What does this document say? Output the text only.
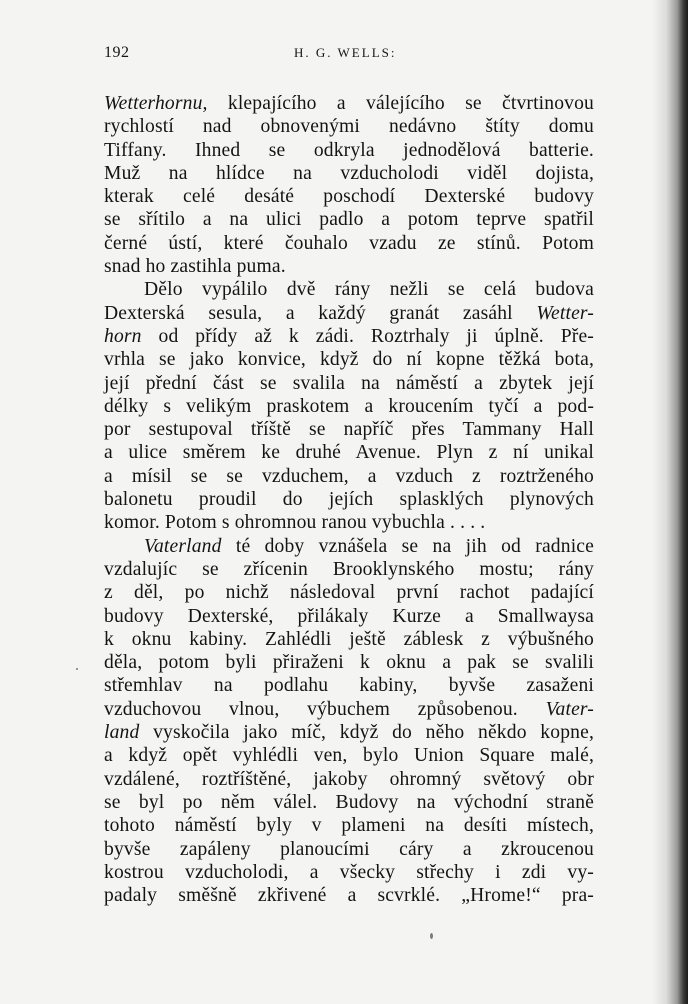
192	H. G. WELLS:
Wetterhornu, klepajícího a válejícího se čtvrtinovou
rychlostí nad obnovenými nedávno štíty domu
Tiffany. Ihned se odkryla jednodělová batterie.
Muž na hlídce na vzducholodi viděl dojista,
kterak celé desáté poschodí Dexterské budovy
se sřítilo a na ulici padlo a potom teprve spatřil
černé ústí, které čouhalo vzadu ze stínů. Potom
snad ho zastihla puma.
Dělo vypálilo dvě rány nežli se celá budova
Dexterská sesula, a každý granát zasáhl Wetter-
horn od přídy až k zádi. Roztrhaly ji úplně. Pře-
vrhla se jako konvice, když do ní kopne těžká bota,
její přední část se svalila na náměstí a zbytek její
délky s velikým praskotem a kroucením tyčí a pod-
por sestupoval tříště se napříč přes Tammany Hall
a ulice směrem ke druhé Avenue. Plyn z ní unikal
a mísil se se vzduchem, a vzduch z roztrženého
balonetu proudil do jejích splasklých plynových
komor. Potom s ohromnou ranou vybuchla . . . .
Vaterland té doby vznášela se na jih od radnice
vzdalujíc se zřícenin Brooklynského mostu; rány
z děl, po nichž následoval první rachot padající
budovy Dexterské, přilákaly Kurze a Smallwaysa
k oknu kabiny. Zahlédli ještě záblesk z výbušného
děla, potom byli přiraženi k oknu a pak se svalili
střemhlav na podlahu kabiny, byvše zasaženi
vzduchovou vlnou, výbuchem způsobenou. Vater-
land vyskočila jako míč, když do něho někdo kopne,
a když opět vyhlédli ven, bylo Union Square malé,
vzdálené, roztříštěné, jakoby ohromný světový obr
se byl po něm válel. Budovy na východní straně
tohoto náměstí byly v plameni na desíti místech,
byvše zapáleny planoucími cáry a zkroucenou
kostrou vzducholodi, a všecky střechy i zdi vy-
padaly směšně zkřivené a scvrklé. „Hrome!“ pra-
